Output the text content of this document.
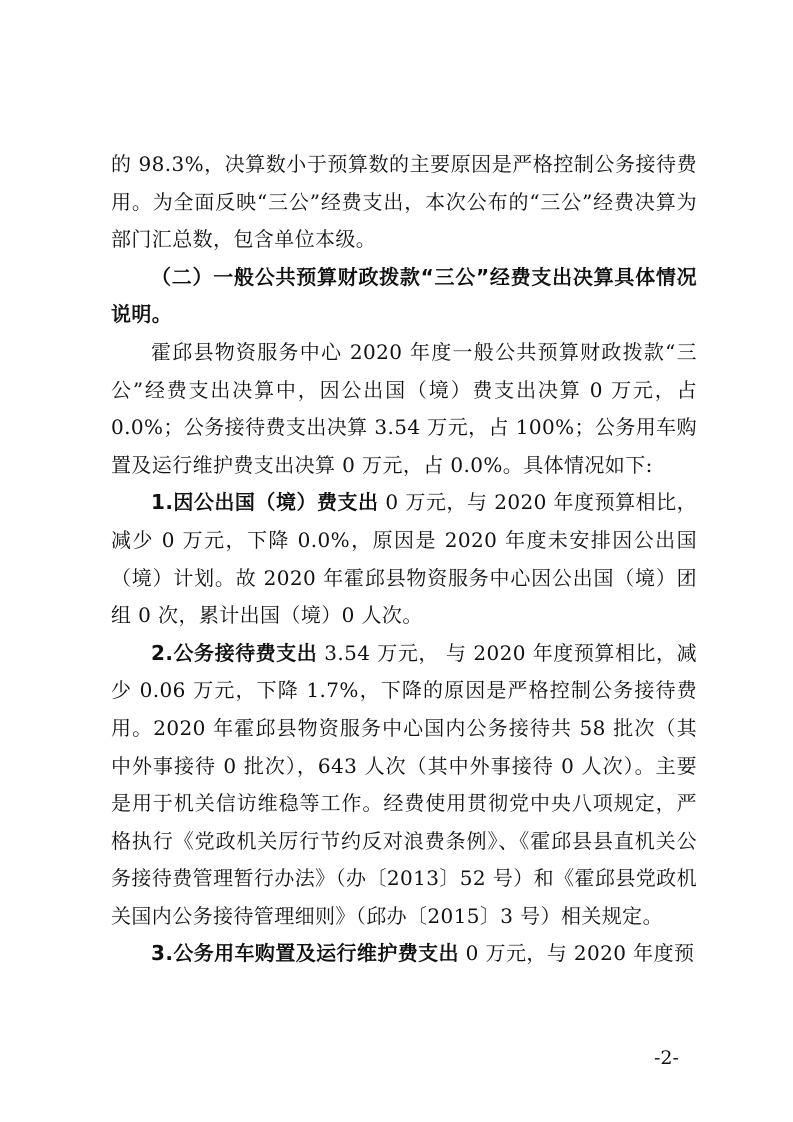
的 98.3%，决算数小于预算数的主要原因是严格控制公务接待费用。为全面反映“三公”经费支出，本次公布的“三公”经费决算为部门汇总数，包含单位本级。

（二）一般公共预算财政拨款“三公”经费支出决算具体情况说明。

霍邱县物资服务中心 2020 年度一般公共预算财政拨款“三公”经费支出决算中，因公出国（境）费支出决算 0 万元，占 0.0%；公务接待费支出决算 3.54 万元，占 100%；公务用车购置及运行维护费支出决算 0 万元，占 0.0%。具体情况如下:

1.因公出国（境）费支出 0 万元，与 2020 年度预算相比，减少 0 万元，下降 0.0%，原因是 2020 年度未安排因公出国（境）计划。故 2020 年霍邱县物资服务中心因公出国（境）团组 0 次，累计出国（境）0 人次。

2.公务接待费支出 3.54 万元， 与 2020 年度预算相比，减少 0.06 万元，下降 1.7%，下降的原因是严格控制公务接待费用。2020 年霍邱县物资服务中心国内公务接待共 58 批次（其中外事接待 0 批次），643 人次（其中外事接待 0 人次）。主要是用于机关信访维稳等工作。经费使用贯彻党中央八项规定，严格执行《党政机关厉行节约反对浪费条例》、《霍邱县县直机关公务接待费管理暂行办法》（办〔2013〕52 号）和《霍邱县党政机关国内公务接待管理细则》（邱办〔2015〕3 号）相关规定。

3.公务用车购置及运行维护费支出 0 万元，与 2020 年度预

-2-
